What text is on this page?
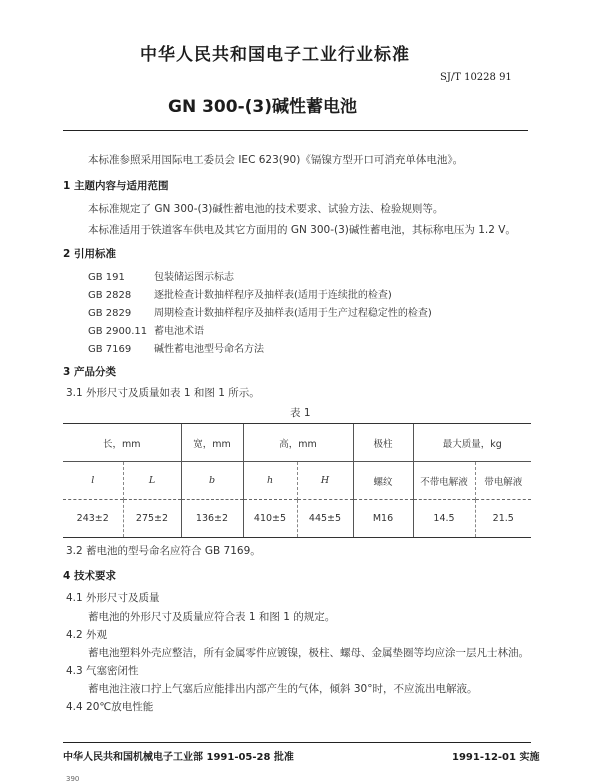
中华人民共和国电子工业行业标准
SJ/T 10228 91
GN 300-(3)碱性蓄电池
本标准参照采用国际电工委员会 IEC 623(90)《镉镍方型开口可消充单体电池》。
1 主题内容与适用范围
本标准规定了 GN 300-(3)碱性蓄电池的技术要求、试验方法、检验规则等。
本标准适用于铁道客车供电及其它方面用的 GN 300-(3)碱性蓄电池，其标称电压为 1.2 V。
2 引用标准
GB 191	包装储运图示标志
GB 2828 逐批检查计数抽样程序及抽样表(适用于连续批的检查)
GB 2829 周期检查计数抽样程序及抽样表(适用于生产过程稳定性的检查)
GB 2900.11 蓄电池术语
GB 7169 碱性蓄电池型号命名方法
3 产品分类
3.1 外形尺寸及质量如表 1 和图 1 所示。
表 1
长，mm		宽，mm	高，mm		极柱	最大质量，kg	
l	L	b	h	H	螺纹	不带电解液	带电解液
243±2	275±2	136±2	410±5	445±5	M16	14.5	21.5
3.2 蓄电池的型号命名应符合 GB 7169。
4 技术要求
4.1 外形尺寸及质量
蓄电池的外形尺寸及质量应符合表 1 和图 1 的规定。
4.2 外观
蓄电池塑料外壳应整洁，所有金属零件应镀镍，极柱、螺母、金属垫圈等均应涂一层凡士林油。
4.3 气塞密闭性
蓄电池注液口拧上气塞后应能排出内部产生的气体，倾斜 30°时，不应流出电解液。
4.4 20℃放电性能
中华人民共和国机械电子工业部 1991-05-28 批准	1991-12-01 实施
390
